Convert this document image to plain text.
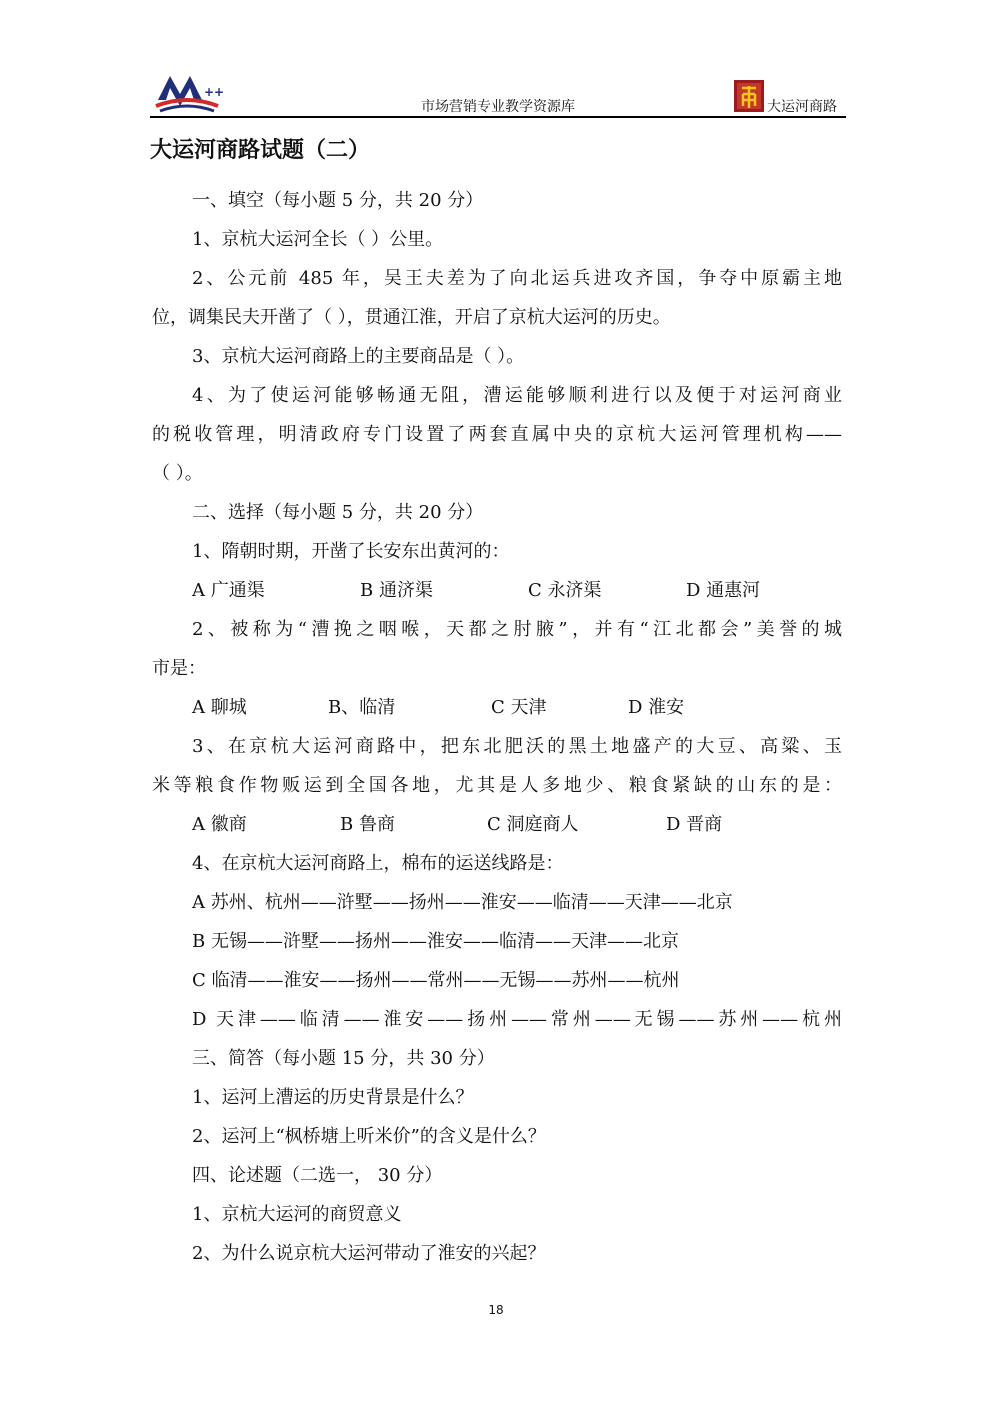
++
市场营销专业教学资源库	大运河商路
大运河商路试题（二）
一、填空（每小题 5 分，共 20 分）
1、京杭大运河全长（ ）公里。
2、公元前 485 年，吴王夫差为了向北运兵进攻齐国，争夺中原霸主地
位，调集民夫开凿了（ ），贯通江淮，开启了京杭大运河的历史。
3、京杭大运河商路上的主要商品是（ ）。
4、为了使运河能够畅通无阻，漕运能够顺利进行以及便于对运河商业
的税收管理，明清政府专门设置了两套直属中央的京杭大运河管理机构——
（ ）。
二、选择（每小题 5 分，共 20 分）
1、隋朝时期，开凿了长安东出黄河的：
A 广通渠	B 通济渠	C 永济渠	D 通惠河
2、被称为“漕挽之咽喉，天都之肘腋”，并有“江北都会”美誉的城
市是：
A 聊城	B、临清	C 天津	D 淮安
3、在京杭大运河商路中，把东北肥沃的黑土地盛产的大豆、高粱、玉
米等粮食作物贩运到全国各地，尤其是人多地少、粮食紧缺的山东的是：
A 徽商	B 鲁商	C 洞庭商人	D 晋商
4、在京杭大运河商路上，棉布的运送线路是：
A 苏州、杭州——浒墅——扬州——淮安——临清——天津——北京
B 无锡——浒墅——扬州——淮安——临清——天津——北京
C 临清——淮安——扬州——常州——无锡——苏州——杭州
D 天津——临清——淮安——扬州——常州——无锡——苏州——杭州
三、简答（每小题 15 分，共 30 分）
1、运河上漕运的历史背景是什么？
2、运河上“枫桥塘上听米价”的含义是什么？
四、论述题（二选一， 30 分）
1、京杭大运河的商贸意义
2、为什么说京杭大运河带动了淮安的兴起？
18
